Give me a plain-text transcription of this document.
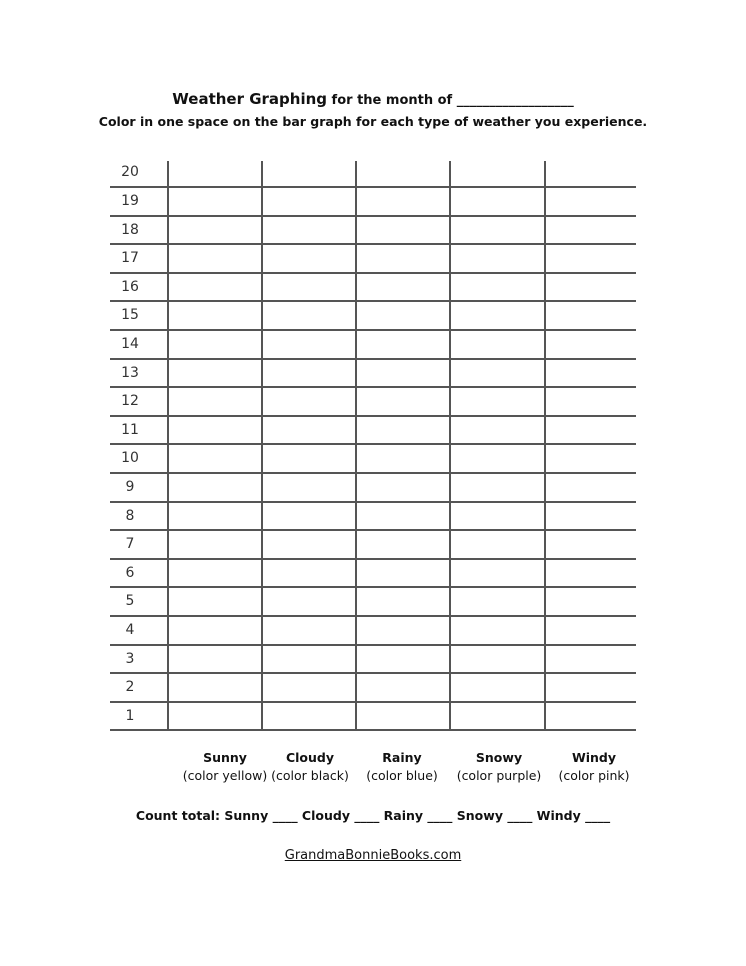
Weather Graphing for the month of __________________
Color in one space on the bar graph for each type of weather you experience.
20
19
18
17
16
15
14
13
12
11
10
9
8
7
6
5
4
3
2
1
Sunny
(color yellow)
Cloudy
(color black)
Rainy
(color blue)
Snowy
(color purple)
Windy
(color pink)
Count total: Sunny ____ Cloudy ____ Rainy ____ Snowy ____ Windy ____
GrandmaBonnieBooks.com
